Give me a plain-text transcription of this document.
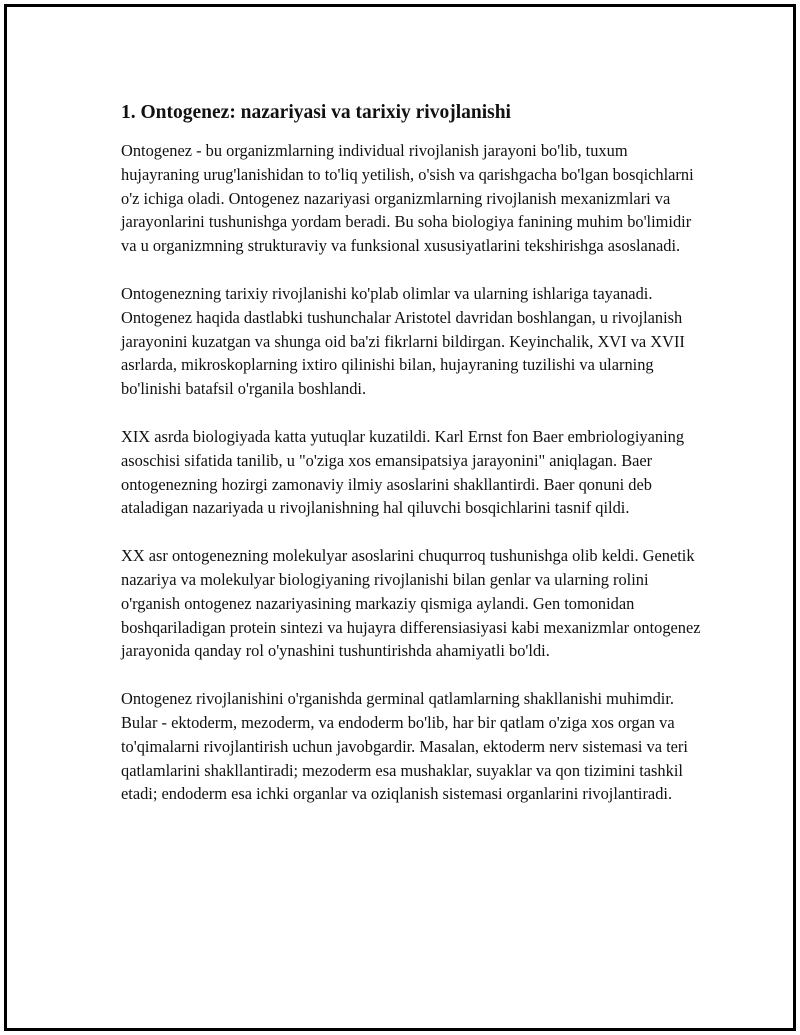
1. Ontogenez: nazariyasi va tarixiy rivojlanishi

Ontogenez - bu organizmlarning individual rivojlanish jarayoni bo'lib, tuxum hujayraning urug'lanishidan to to'liq yetilish, o'sish va qarishgacha bo'lgan bosqichlarni o'z ichiga oladi. Ontogenez nazariyasi organizmlarning rivojlanish mexanizmlari va jarayonlarini tushunishga yordam beradi. Bu soha biologiya fanining muhim bo'limidir va u organizmning strukturaviy va funksional xususiyatlarini tekshirishga asoslanadi.

Ontogenezning tarixiy rivojlanishi ko'plab olimlar va ularning ishlariga tayanadi. Ontogenez haqida dastlabki tushunchalar Aristotel davridan boshlangan, u rivojlanish jarayonini kuzatgan va shunga oid ba'zi fikrlarni bildirgan. Keyinchalik, XVI va XVII asrlarda, mikroskoplarning ixtiro qilinishi bilan, hujayraning tuzilishi va ularning bo'linishi batafsil o'rganila boshlandi.

XIX asrda biologiyada katta yutuqlar kuzatildi. Karl Ernst fon Baer embriologiyaning asoschisi sifatida tanilib, u "o'ziga xos emansipatsiya jarayonini" aniqlagan. Baer ontogenezning hozirgi zamonaviy ilmiy asoslarini shakllantirdi. Baer qonuni deb ataladigan nazariyada u rivojlanishning hal qiluvchi bosqichlarini tasnif qildi.

XX asr ontogenezning molekulyar asoslarini chuqurroq tushunishga olib keldi. Genetik nazariya va molekulyar biologiyaning rivojlanishi bilan genlar va ularning rolini o'rganish ontogenez nazariyasining markaziy qismiga aylandi. Gen tomonidan boshqariladigan protein sintezi va hujayra differensiasiyasi kabi mexanizmlar ontogenez jarayonida qanday rol o'ynashini tushuntirishda ahamiyatli bo'ldi.

Ontogenez rivojlanishini o'rganishda germinal qatlamlarning shakllanishi muhimdir. Bular - ektoderm, mezoderm, va endoderm bo'lib, har bir qatlam o'ziga xos organ va to'qimalarni rivojlantirish uchun javobgardir. Masalan, ektoderm nerv sistemasi va teri qatlamlarini shakllantiradi; mezoderm esa mushaklar, suyaklar va qon tizimini tashkil etadi; endoderm esa ichki organlar va oziqlanish sistemasi organlarini rivojlantiradi.
